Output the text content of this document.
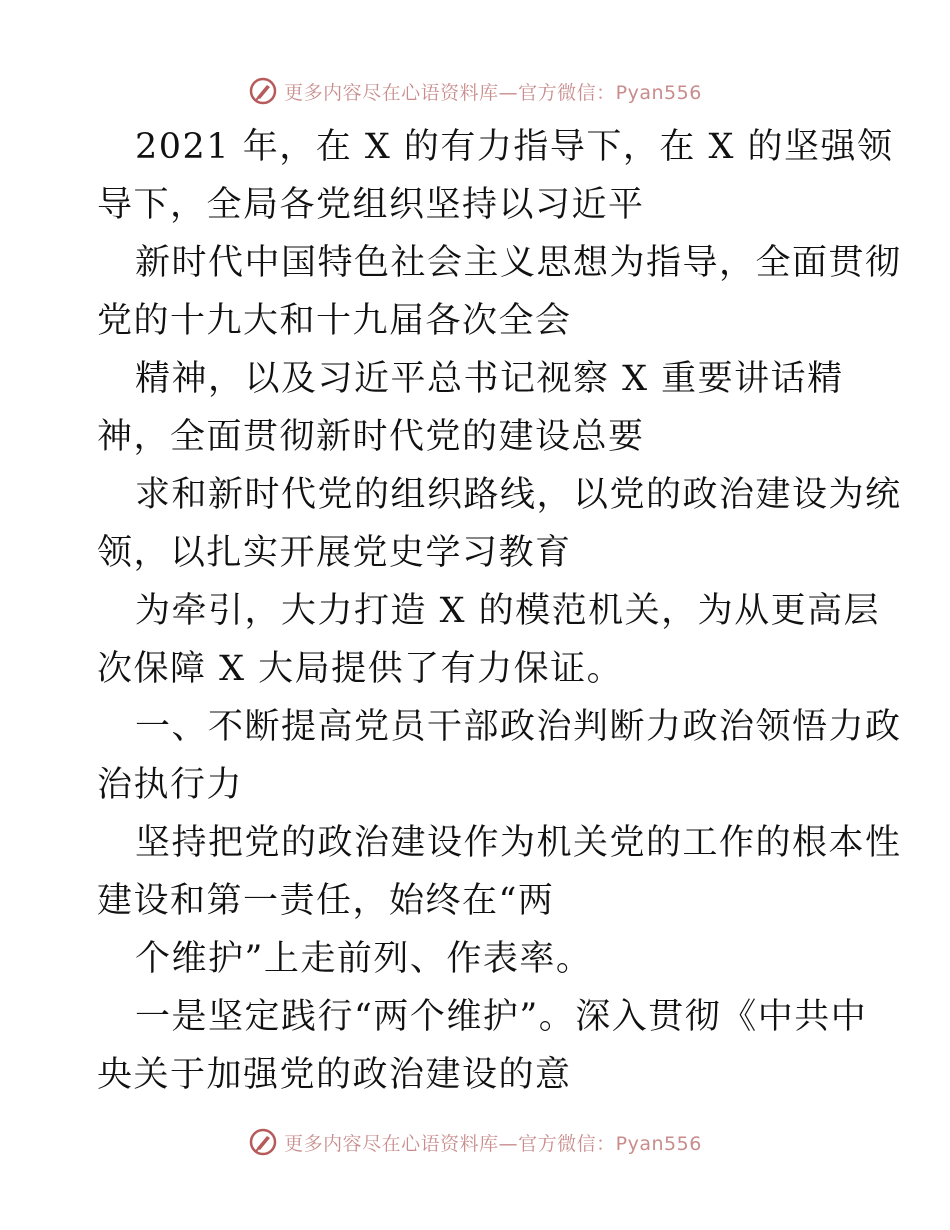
更多内容尽在心语资料库—官方微信：Pyan556
2021 年，在 X 的有力指导下，在 X 的坚强领
导下，全局各党组织坚持以习近平
新时代中国特色社会主义思想为指导，全面贯彻
党的十九大和十九届各次全会
精神，以及习近平总书记视察 X 重要讲话精
神，全面贯彻新时代党的建设总要
求和新时代党的组织路线，以党的政治建设为统
领，以扎实开展党史学习教育
为牵引，大力打造 X 的模范机关，为从更高层
次保障 X 大局提供了有力保证。
一、不断提高党员干部政治判断力政治领悟力政
治执行力
坚持把党的政治建设作为机关党的工作的根本性
建设和第一责任，始终在“两
个维护”上走前列、作表率。
一是坚定践行“两个维护”。深入贯彻《中共中
央关于加强党的政治建设的意
更多内容尽在心语资料库—官方微信：Pyan556
